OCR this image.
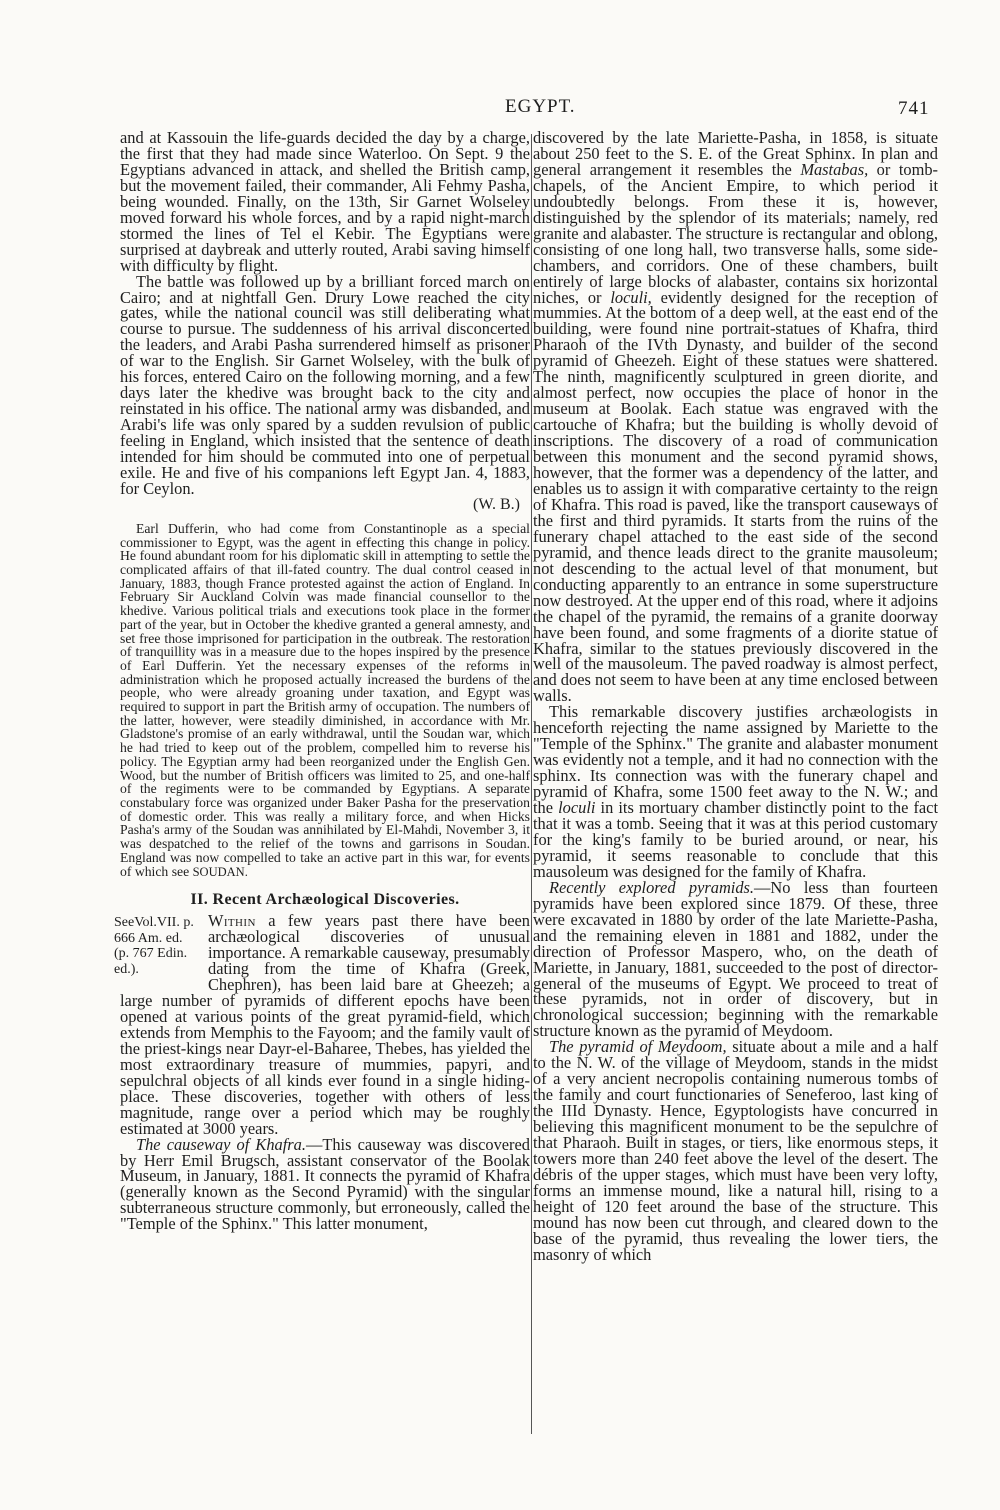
EGYPT.	741

and at Kassouin the life-guards decided the day by a charge, the first that they had made since Waterloo. On Sept. 9 the Egyptians advanced in attack, and shelled the British camp, but the movement failed, their commander, Ali Fehmy Pasha, being wounded. Finally, on the 13th, Sir Garnet Wolseley moved forward his whole forces, and by a rapid night-march stormed the lines of Tel el Kebir. The Egyptians were surprised at daybreak and utterly routed, Arabi saving himself with difficulty by flight.

The battle was followed up by a brilliant forced march on Cairo; and at nightfall Gen. Drury Lowe reached the city gates, while the national council was still deliberating what course to pursue. The suddenness of his arrival disconcerted the leaders, and Arabi Pasha surrendered himself as prisoner of war to the English. Sir Garnet Wolseley, with the bulk of his forces, entered Cairo on the following morning, and a few days later the khedive was brought back to the city and reinstated in his office. The national army was disbanded, and Arabi's life was only spared by a sudden revulsion of public feeling in England, which insisted that the sentence of death intended for him should be commuted into one of perpetual exile. He and five of his companions left Egypt Jan. 4, 1883, for Ceylon.

(W. B.)

Earl Dufferin, who had come from Constantinople as a special commissioner to Egypt, was the agent in effecting this change in policy. He found abundant room for his diplomatic skill in attempting to settle the complicated affairs of that ill-fated country. The dual control ceased in January, 1883, though France protested against the action of England. In February Sir Auckland Colvin was made financial counsellor to the khedive. Various political trials and executions took place in the former part of the year, but in October the khedive granted a general amnesty, and set free those imprisoned for participation in the outbreak. The restoration of tranquillity was in a measure due to the hopes inspired by the presence of Earl Dufferin. Yet the necessary expenses of the reforms in administration which he proposed actually increased the burdens of the people, who were already groaning under taxation, and Egypt was required to support in part the British army of occupation. The numbers of the latter, however, were steadily diminished, in accordance with Mr. Gladstone's promise of an early withdrawal, until the Soudan war, which he had tried to keep out of the problem, compelled him to reverse his policy. The Egyptian army had been reorganized under the English Gen. Wood, but the number of British officers was limited to 25, and one-half of the regiments were to be commanded by Egyptians. A separate constabulary force was organized under Baker Pasha for the preservation of domestic order. This was really a military force, and when Hicks Pasha's army of the Soudan was annihilated by El-Mahdi, November 3, it was despatched to the relief of the towns and garrisons in Soudan. England was now compelled to take an active part in this war, for events of which see SOUDAN.

II. Recent Archæological Discoveries.

SeeVol.VII. p. 666 Am. ed. (p. 767 Edin. ed.).
Within a few years past there have been archæological discoveries of unusual importance. A remarkable causeway, presumably dating from the time of Khafra (Greek, Chephren), has been laid bare at Gheezeh; a large number of pyramids of different epochs have been opened at various points of the great pyramid-field, which extends from Memphis to the Fayoom; and the family vault of the priest-kings near Dayr-el-Baharee, Thebes, has yielded the most extraordinary treasure of mummies, papyri, and sepulchral objects of all kinds ever found in a single hiding-place. These discoveries, together with others of less magnitude, range over a period which may be roughly estimated at 3000 years.

The causeway of Khafra.—This causeway was discovered by Herr Emil Brugsch, assistant conservator of the Boolak Museum, in January, 1881. It connects the pyramid of Khafra (generally known as the Second Pyramid) with the singular subterraneous structure commonly, but erroneously, called the "Temple of the Sphinx." This latter monument,

discovered by the late Mariette-Pasha, in 1858, is situate about 250 feet to the S. E. of the Great Sphinx. In plan and general arrangement it resembles the Mastabas, or tomb-chapels, of the Ancient Empire, to which period it undoubtedly belongs. From these it is, however, distinguished by the splendor of its materials; namely, red granite and alabaster. The structure is rectangular and oblong, consisting of one long hall, two transverse halls, some side-chambers, and corridors. One of these chambers, built entirely of large blocks of alabaster, contains six horizontal niches, or loculi, evidently designed for the reception of mummies. At the bottom of a deep well, at the east end of the building, were found nine portrait-statues of Khafra, third Pharaoh of the IVth Dynasty, and builder of the second pyramid of Gheezeh. Eight of these statues were shattered. The ninth, magnificently sculptured in green diorite, and almost perfect, now occupies the place of honor in the museum at Boolak. Each statue was engraved with the cartouche of Khafra; but the building is wholly devoid of inscriptions. The discovery of a road of communication between this monument and the second pyramid shows, however, that the former was a dependency of the latter, and enables us to assign it with comparative certainty to the reign of Khafra. This road is paved, like the transport causeways of the first and third pyramids. It starts from the ruins of the funerary chapel attached to the east side of the second pyramid, and thence leads direct to the granite mausoleum; not descending to the actual level of that monument, but conducting apparently to an entrance in some superstructure now destroyed. At the upper end of this road, where it adjoins the chapel of the pyramid, the remains of a granite doorway have been found, and some fragments of a diorite statue of Khafra, similar to the statues previously discovered in the well of the mausoleum. The paved roadway is almost perfect, and does not seem to have been at any time enclosed between walls.

This remarkable discovery justifies archæologists in henceforth rejecting the name assigned by Mariette to the "Temple of the Sphinx." The granite and alabaster monument was evidently not a temple, and it had no connection with the sphinx. Its connection was with the funerary chapel and pyramid of Khafra, some 1500 feet away to the N. W.; and the loculi in its mortuary chamber distinctly point to the fact that it was a tomb. Seeing that it was at this period customary for the king's family to be buried around, or near, his pyramid, it seems reasonable to conclude that this mausoleum was designed for the family of Khafra.

Recently explored pyramids.—No less than fourteen pyramids have been explored since 1879. Of these, three were excavated in 1880 by order of the late Mariette-Pasha, and the remaining eleven in 1881 and 1882, under the direction of Professor Maspero, who, on the death of Mariette, in January, 1881, succeeded to the post of director-general of the museums of Egypt. We proceed to treat of these pyramids, not in order of discovery, but in chronological succession; beginning with the remarkable structure known as the pyramid of Meydoom.

The pyramid of Meydoom, situate about a mile and a half to the N. W. of the village of Meydoom, stands in the midst of a very ancient necropolis containing numerous tombs of the family and court functionaries of Seneferoo, last king of the IIId Dynasty. Hence, Egyptologists have concurred in believing this magnificent monument to be the sepulchre of that Pharaoh. Built in stages, or tiers, like enormous steps, it towers more than 240 feet above the level of the desert. The débris of the upper stages, which must have been very lofty, forms an immense mound, like a natural hill, rising to a height of 120 feet around the base of the structure. This mound has now been cut through, and cleared down to the base of the pyramid, thus revealing the lower tiers, the masonry of which
